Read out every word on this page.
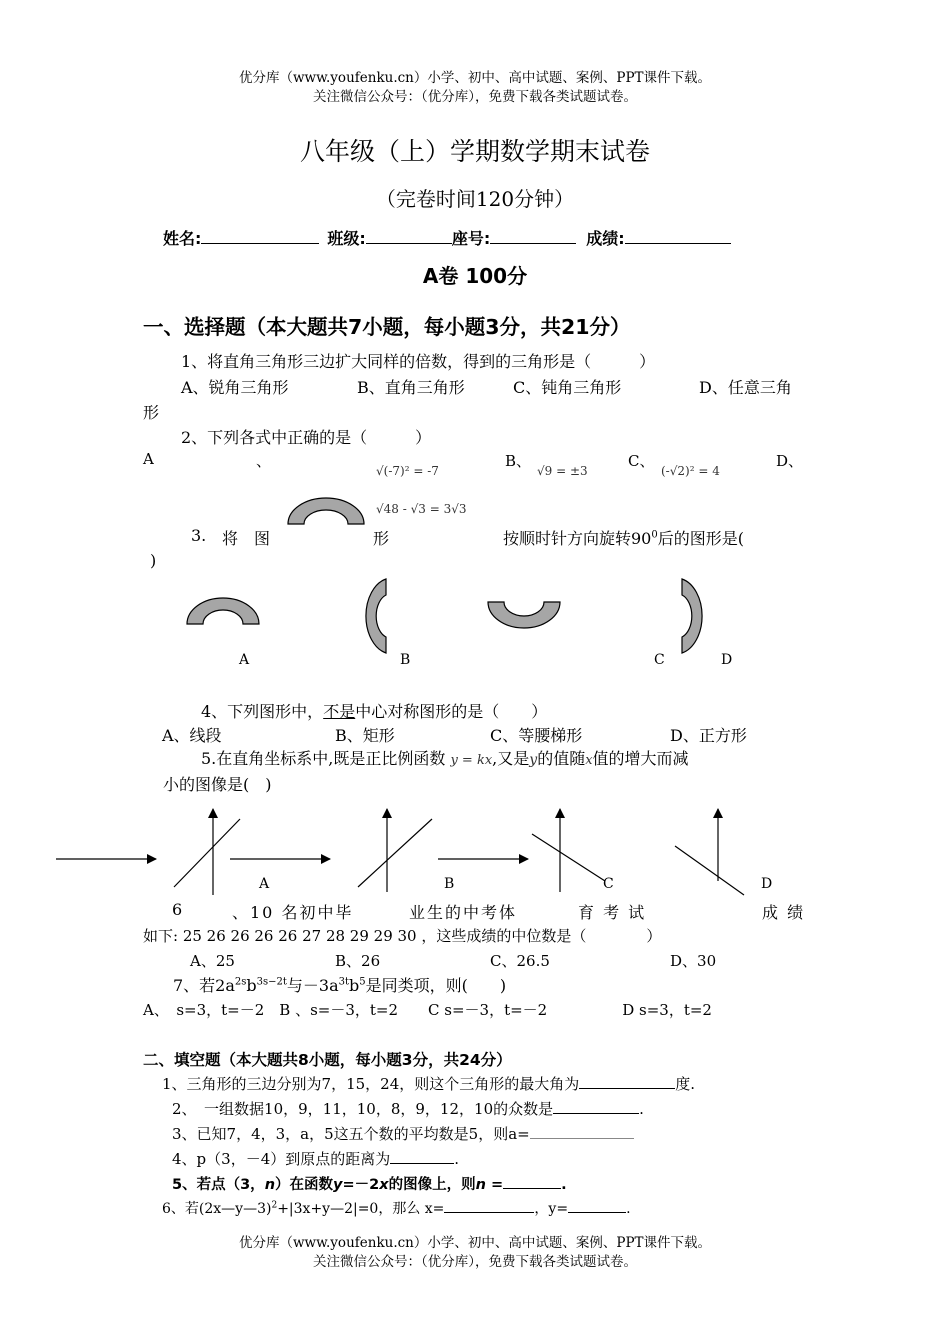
优分库（www.youfenku.cn）小学、初中、高中试题、案例、PPT课件下载。
关注微信公众号：（优分库），免费下载各类试题试卷。
八年级（上）学期数学期末试卷
（完卷时间120分钟）
姓名:	班级:	座号:	成绩:
A卷 100分
一、选择题（本大题共7小题，每小题3分，共21分）
1、将直角三角形三边扩大同样的倍数，得到的三角形是（　　　）
A、锐角三角形	B、直角三角形	C、钝角三角形	D、任意三角
形
2、下列各式中正确的是（　　　）
A	、
√(-7)² = -7
B、
√9 = ±3
C、
(-√2)² = 4
D、
√48 - √3 = 3√3
3. 将 图	形	按顺时针方向旋转$90^0$后的图形是(
)
A	B	C	D
4、下列图形中，不是中心对称图形的是（　　）
A、线段	B、矩形	C、等腰梯形	D、正方形
5.在直角坐标系中,既是正比例函数 y = kx,又是y的值随x值的增大而减
小的图像是(　)
A	B	C	D
6	、10 名初中毕	业生的中考体	育 考 试	成 绩
如下: 25 26 26 26 26 27 28 29 29 30 ，这些成绩的中位数是（　　　　）
A、25	B、26	C、26.5	D、30
7、若$2a^{2s}b^{3s-2t}$与$-3a^{3t}b^5$是同类项，则(　　)
A、　s=3，t=－2　B 、s=－3，t=2　　C s=－3，t=－2　　　　　D s=3，t=2
二、填空题（本大题共8小题，每小题3分，共24分）
1、三角形的三边分别为7，15，24，则这个三角形的最大角为	度.
2、　一组数据10，9，11，10，8，9，12，10的众数是	.
3、已知7，4，3，a，5这五个数的平均数是5，则a=
4、p（3，－4）到原点的距离为	.
5、若点（3，n）在函数y=－2x的图像上，则n =	.
6、若(2x—y—3)$^2$+|3x+y—2|=0，那么 x=	，y=	.
优分库（www.youfenku.cn）小学、初中、高中试题、案例、PPT课件下载。
关注微信公众号：（优分库），免费下载各类试题试卷。
